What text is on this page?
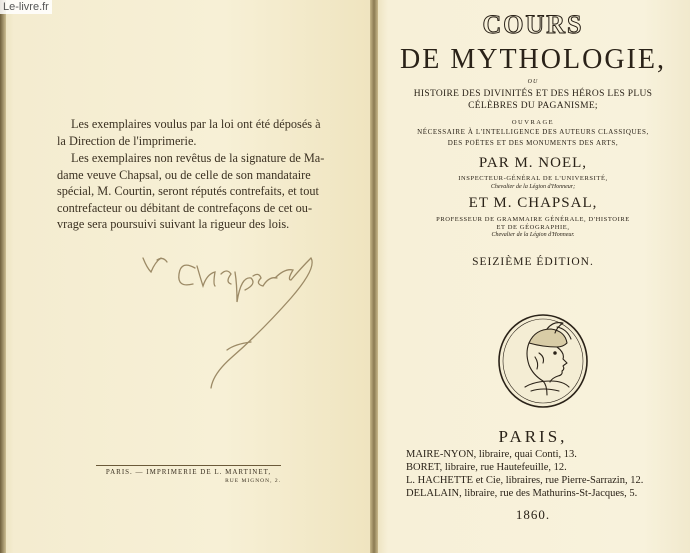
Le-livre.fr
Les exemplaires voulus par la loi ont été déposés à
la Direction de l'imprimerie.
Les exemplaires non revêtus de la signature de Ma-
dame veuve Chapsal, ou de celle de son mandataire
spécial, M. Courtin, seront réputés contrefaits, et tout
contrefacteur ou débitant de contrefaçons de cet ou-
vrage sera poursuivi suivant la rigueur des lois.
PARIS. — IMPRIMERIE DE L. MARTINET,
RUE MIGNON, 2.
COURS
DE MYTHOLOGIE,
OU
HISTOIRE DES DIVINITÉS ET DES HÉROS LES PLUS
CÉLÈBRES DU PAGANISME;
OUVRAGE
NÉCESSAIRE À L'INTELLIGENCE DES AUTEURS CLASSIQUES,
DES POËTES ET DES MONUMENTS DES ARTS,
PAR M. NOEL,
INSPECTEUR-GÉNÉRAL DE L'UNIVERSITÉ,
Chevalier de la Légion d'Honneur;
ET M. CHAPSAL,
PROFESSEUR DE GRAMMAIRE GÉNÉRALE, D'HISTOIRE
ET DE GÉOGRAPHIE,
Chevalier de la Légion d'Honneur.
SEIZIÈME ÉDITION.
PARIS,
MAIRE-NYON, libraire, quai Conti, 13.
BORET, libraire, rue Hautefeuille, 12.
L. HACHETTE et Cie, libraires, rue Pierre-Sarrazin, 12.
DELALAIN, libraire, rue des Mathurins-St-Jacques, 5.
1860.
